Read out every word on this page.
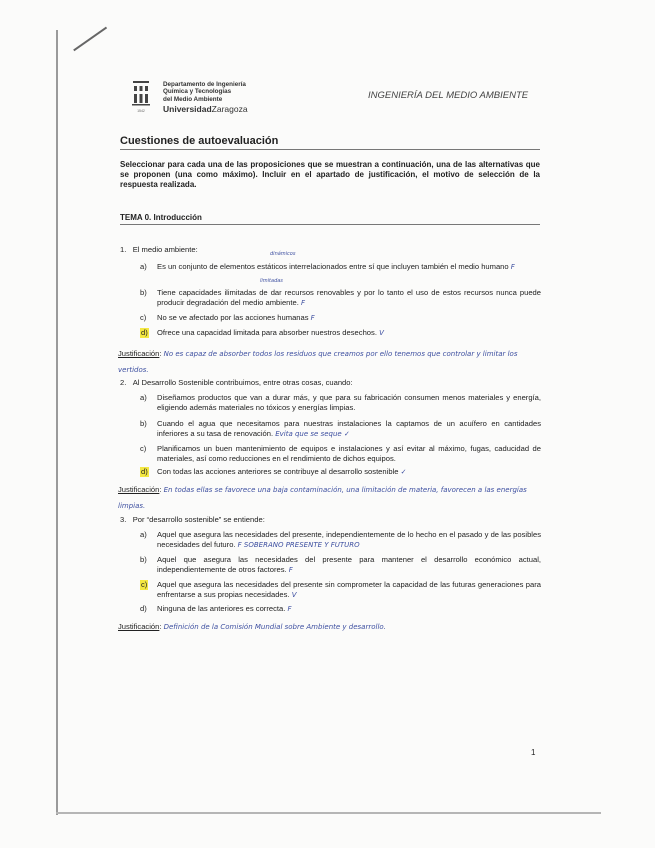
1542
Departamento de Ingeniería
Química y Tecnologías
del Medio Ambiente
UniversidadZaragoza
INGENIERÍA DEL MEDIO AMBIENTE
Cuestiones de autoevaluación
Seleccionar para cada una de las proposiciones que se muestran a continuación, una de las alternativas que se proponen (una como máximo). Incluir en el apartado de justificación, el motivo de selección de la respuesta realizada.
TEMA 0. Introducción
1. El medio ambiente:
a) Es un conjunto de elementos estáticos interrelacionados entre sí que incluyen también el medio humano F
b) Tiene capacidades ilimitadas de dar recursos renovables y por lo tanto el uso de estos recursos nunca puede producir degradación del medio ambiente. F
c) No se ve afectado por las acciones humanas F
d) Ofrece una capacidad limitada para absorber nuestros desechos. V
Justificación: No es capaz de absorber todos los residuos que creamos por ello tenemos que controlar y limitar los vertidos.
dinámicos
limitadas
2. Al Desarrollo Sostenible contribuimos, entre otras cosas, cuando:
a) Diseñamos productos que van a durar más, y que para su fabricación consumen menos materiales y energía, eligiendo además materiales no tóxicos y energías limpias.
b) Cuando el agua que necesitamos para nuestras instalaciones la captamos de un acuífero en cantidades inferiores a su tasa de renovación. Evita que se seque ✓
c) Planificamos un buen mantenimiento de equipos e instalaciones y así evitar al máximo, fugas, caducidad de materiales, así como reducciones en el rendimiento de dichos equipos.
d) Con todas las acciones anteriores se contribuye al desarrollo sostenible ✓
Justificación: En todas ellas se favorece una baja contaminación, una limitación de materia, favorecen a las energías limpias.
3. Por “desarrollo sostenible” se entiende:
a) Aquel que asegura las necesidades del presente, independientemente de lo hecho en el pasado y de las posibles necesidades del futuro. F SOBERANO PRESENTE Y FUTURO
b) Aquel que asegura las necesidades del presente para mantener el desarrollo económico actual, independientemente de otros factores. F
c) Aquel que asegura las necesidades del presente sin comprometer la capacidad de las futuras generaciones para enfrentarse a sus propias necesidades. V
d) Ninguna de las anteriores es correcta. F
Justificación: Definición de la Comisión Mundial sobre Ambiente y desarrollo.
1
